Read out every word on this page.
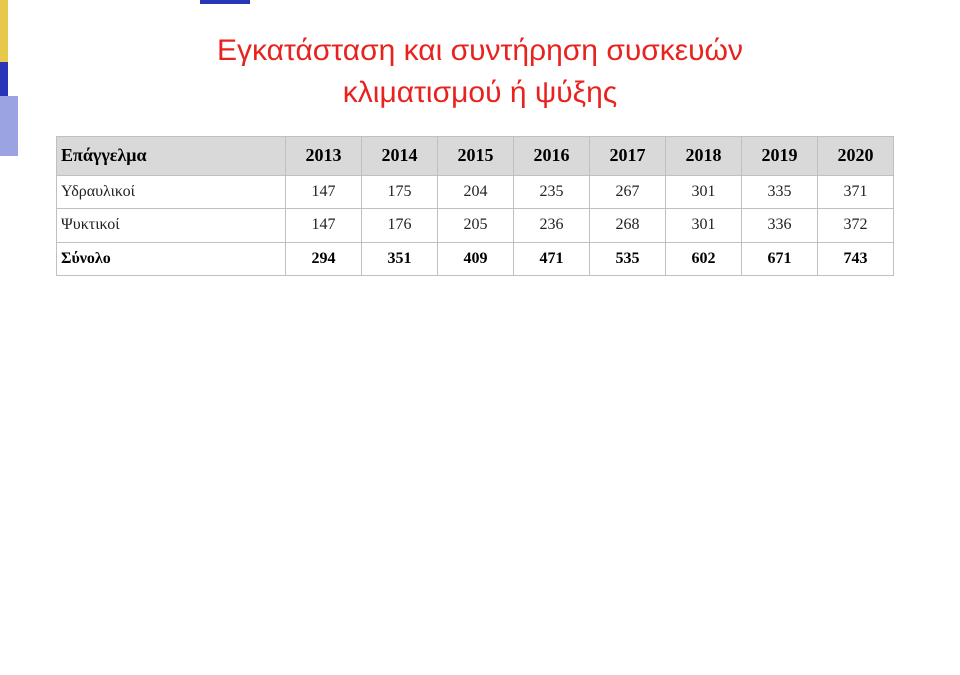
Εγκατάσταση και συντήρηση συσκευών
κλιματισμού ή ψύξης
Επάγγελμα	2013	2014	2015	2016	2017	2018	2019	2020
Υδραυλικοί	147	175	204	235	267	301	335	371
Ψυκτικοί	147	176	205	236	268	301	336	372
Σύνολο	294	351	409	471	535	602	671	743
